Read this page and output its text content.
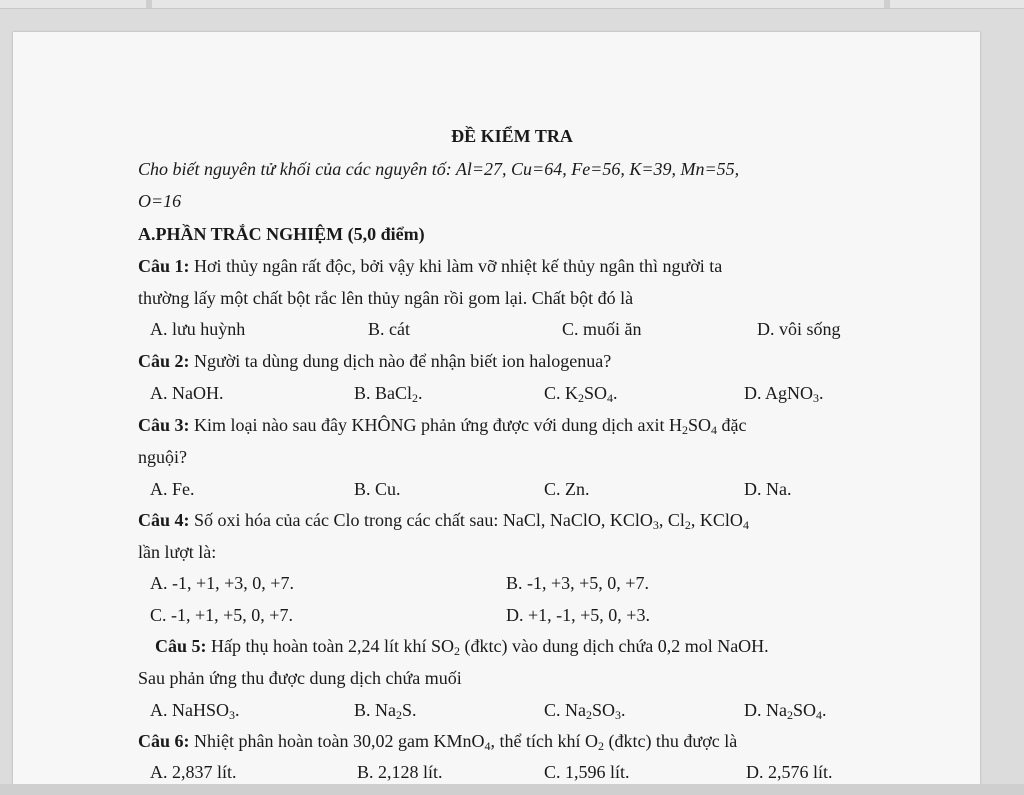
ĐỀ KIỂM TRA
Cho biết nguyên tử khối của các nguyên tố: Al=27, Cu=64, Fe=56, K=39, Mn=55,
O=16
A.PHẦN TRẮC NGHIỆM (5,0 điểm)
Câu 1: Hơi thủy ngân rất độc, bởi vậy khi làm vỡ nhiệt kế thủy ngân thì người ta
thường lấy một chất bột rắc lên thủy ngân rồi gom lại. Chất bột đó là
A. lưu huỳnh	B. cát	C. muối ăn	D. vôi sống
Câu 2: Người ta dùng dung dịch nào để nhận biết ion halogenua?
A. NaOH.	B. BaCl$_2$.	C. $K_2SO_4$.	D. AgNO$_3$.
Câu 3: Kim loại nào sau đây KHÔNG phản ứng được với dung dịch axit $H_2SO_4$ đặc
nguội?
A. Fe.	B. Cu.	C. Zn.	D. Na.
Câu 4: Số oxi hóa của các Clo trong các chất sau: NaCl, NaClO, KClO$_3$, $Cl_2$, KClO$_4$
lần lượt là:
A. -1, +1, +3, 0, +7.	B. -1, +3, +5, 0, +7.
C. -1, +1, +5, 0, +7.	D. +1, -1, +5, 0, +3.
Câu 5: Hấp thụ hoàn toàn 2,24 lít khí $SO_2$ (đktc) vào dung dịch chứa 0,2 mol NaOH.
Sau phản ứng thu được dung dịch chứa muối
A. NaHSO$_3$.	B. $Na_2S$.	C. $Na_2SO_3$.	D. $Na_2SO_4$.
Câu 6: Nhiệt phân hoàn toàn 30,02 gam KMnO$_4$, thể tích khí $O_2$ (đktc) thu được là
A. 2,837 lít.	B. 2,128 lít.	C. 1,596 lít.	D. 2,576 lít.
